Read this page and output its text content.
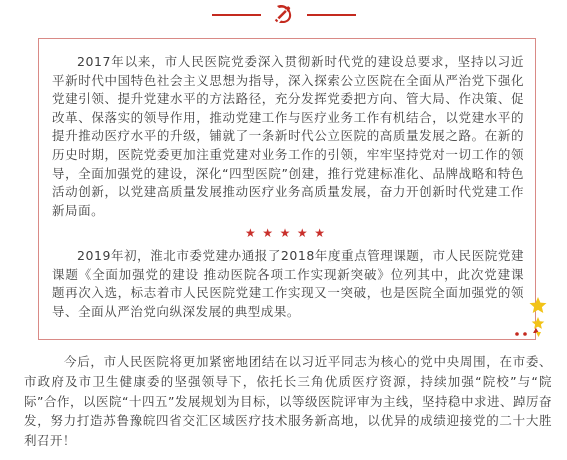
2017年以来，市人民医院党委深入贯彻新时代党的建设总要求，坚持以习近平新时代中国特色社会主义思想为指导，深入探索公立医院在全面从严治党下强化党建引领、提升党建水平的方法路径，充分发挥党委把方向、管大局、作决策、促改革、保落实的领导作用，推动党建工作与医疗业务工作有机结合，以党建水平的提升推动医疗水平的升级，铺就了一条新时代公立医院的高质量发展之路。在新的历史时期，医院党委更加注重党建对业务工作的引领，牢牢坚持党对一切工作的领导，全面加强党的建设，深化“四型医院”创建，推行党建标准化、品牌战略和特色活动创新，以党建高质量发展推动医疗业务高质量发展，奋力开创新时代党建工作新局面。

★ ★ ★ ★ ★

2019年初，淮北市委党建办通报了2018年度重点管理课题，市人民医院党建课题《全面加强党的建设 推动医院各项工作实现新突破》位列其中，此次党建课题再次入选，标志着市人民医院党建工作实现又一突破，也是医院全面加强党的领导、全面从严治党向纵深发展的典型成果。

今后，市人民医院将更加紧密地团结在以习近平同志为核心的党中央周围，在市委、市政府及市卫生健康委的坚强领导下，依托长三角优质医疗资源，持续加强“院校”与“院际”合作，以医院“十四五”发展规划为目标，以等级医院评审为主线，坚持稳中求进、踔厉奋发，努力打造苏鲁豫皖四省交汇区域医疗技术服务新高地，以优异的成绩迎接党的二十大胜利召开！
